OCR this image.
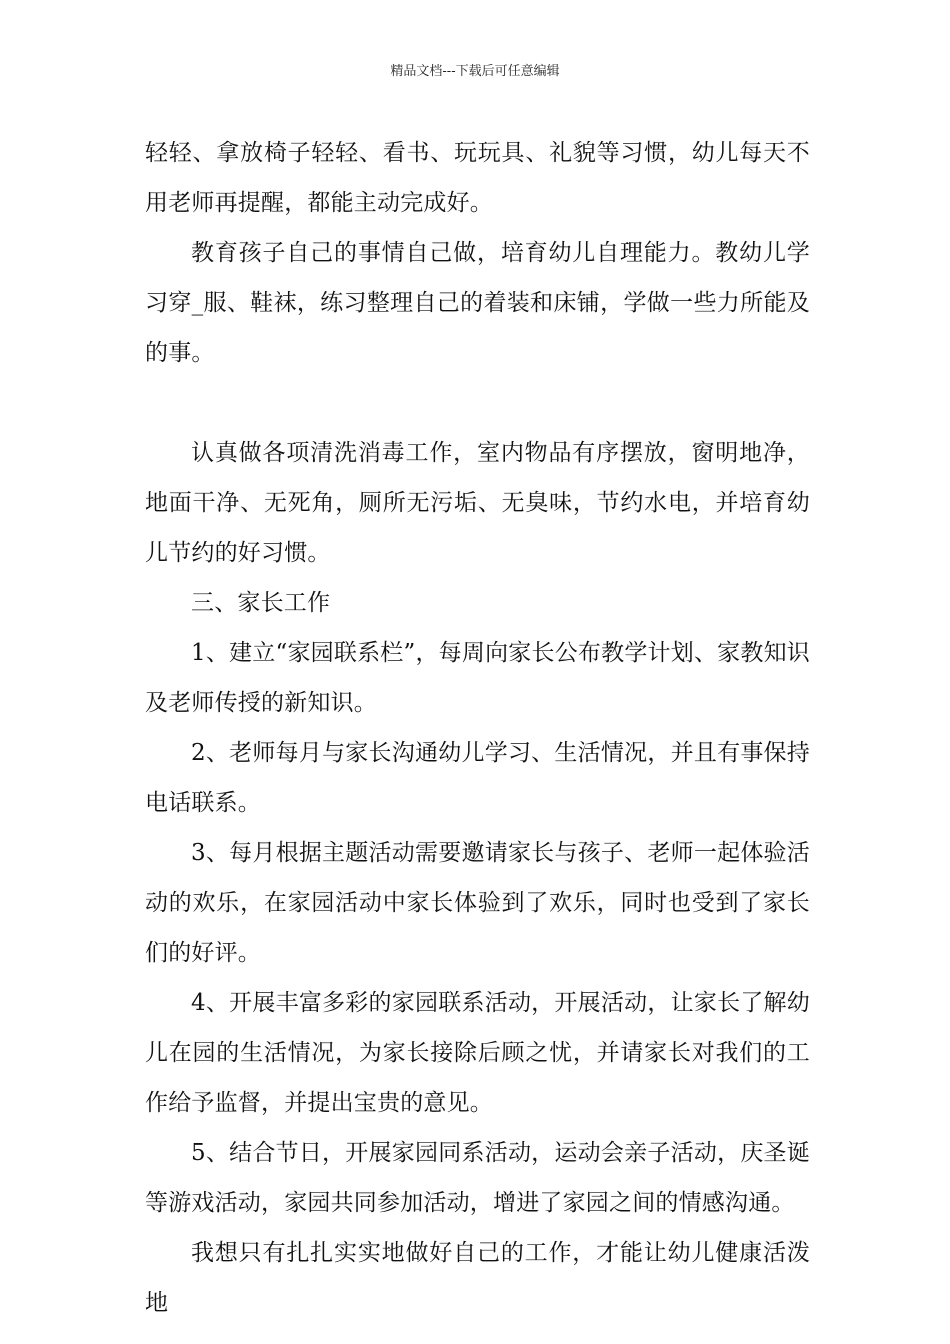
精品文档---下载后可任意编辑

轻轻、拿放椅子轻轻、看书、玩玩具、礼貌等习惯，幼儿每天不用老师再提醒，都能主动完成好。

教育孩子自己的事情自己做，培育幼儿自理能力。教幼儿学习穿_服、鞋袜，练习整理自己的着装和床铺，学做一些力所能及的事。

认真做各项清洗消毒工作，室内物品有序摆放，窗明地净，地面干净、无死角，厕所无污垢、无臭味，节约水电，并培育幼儿节约的好习惯。

三、家长工作

1、建立“家园联系栏”，每周向家长公布教学计划、家教知识及老师传授的新知识。

2、老师每月与家长沟通幼儿学习、生活情况，并且有事保持电话联系。

3、每月根据主题活动需要邀请家长与孩子、老师一起体验活动的欢乐，在家园活动中家长体验到了欢乐，同时也受到了家长们的好评。

4、开展丰富多彩的家园联系活动，开展活动，让家长了解幼儿在园的生活情况，为家长接除后顾之忧，并请家长对我们的工作给予监督，并提出宝贵的意见。

5、结合节日，开展家园同系活动，运动会亲子活动，庆圣诞等游戏活动，家园共同参加活动，增进了家园之间的情感沟通。

我想只有扎扎实实地做好自己的工作，才能让幼儿健康活泼地
